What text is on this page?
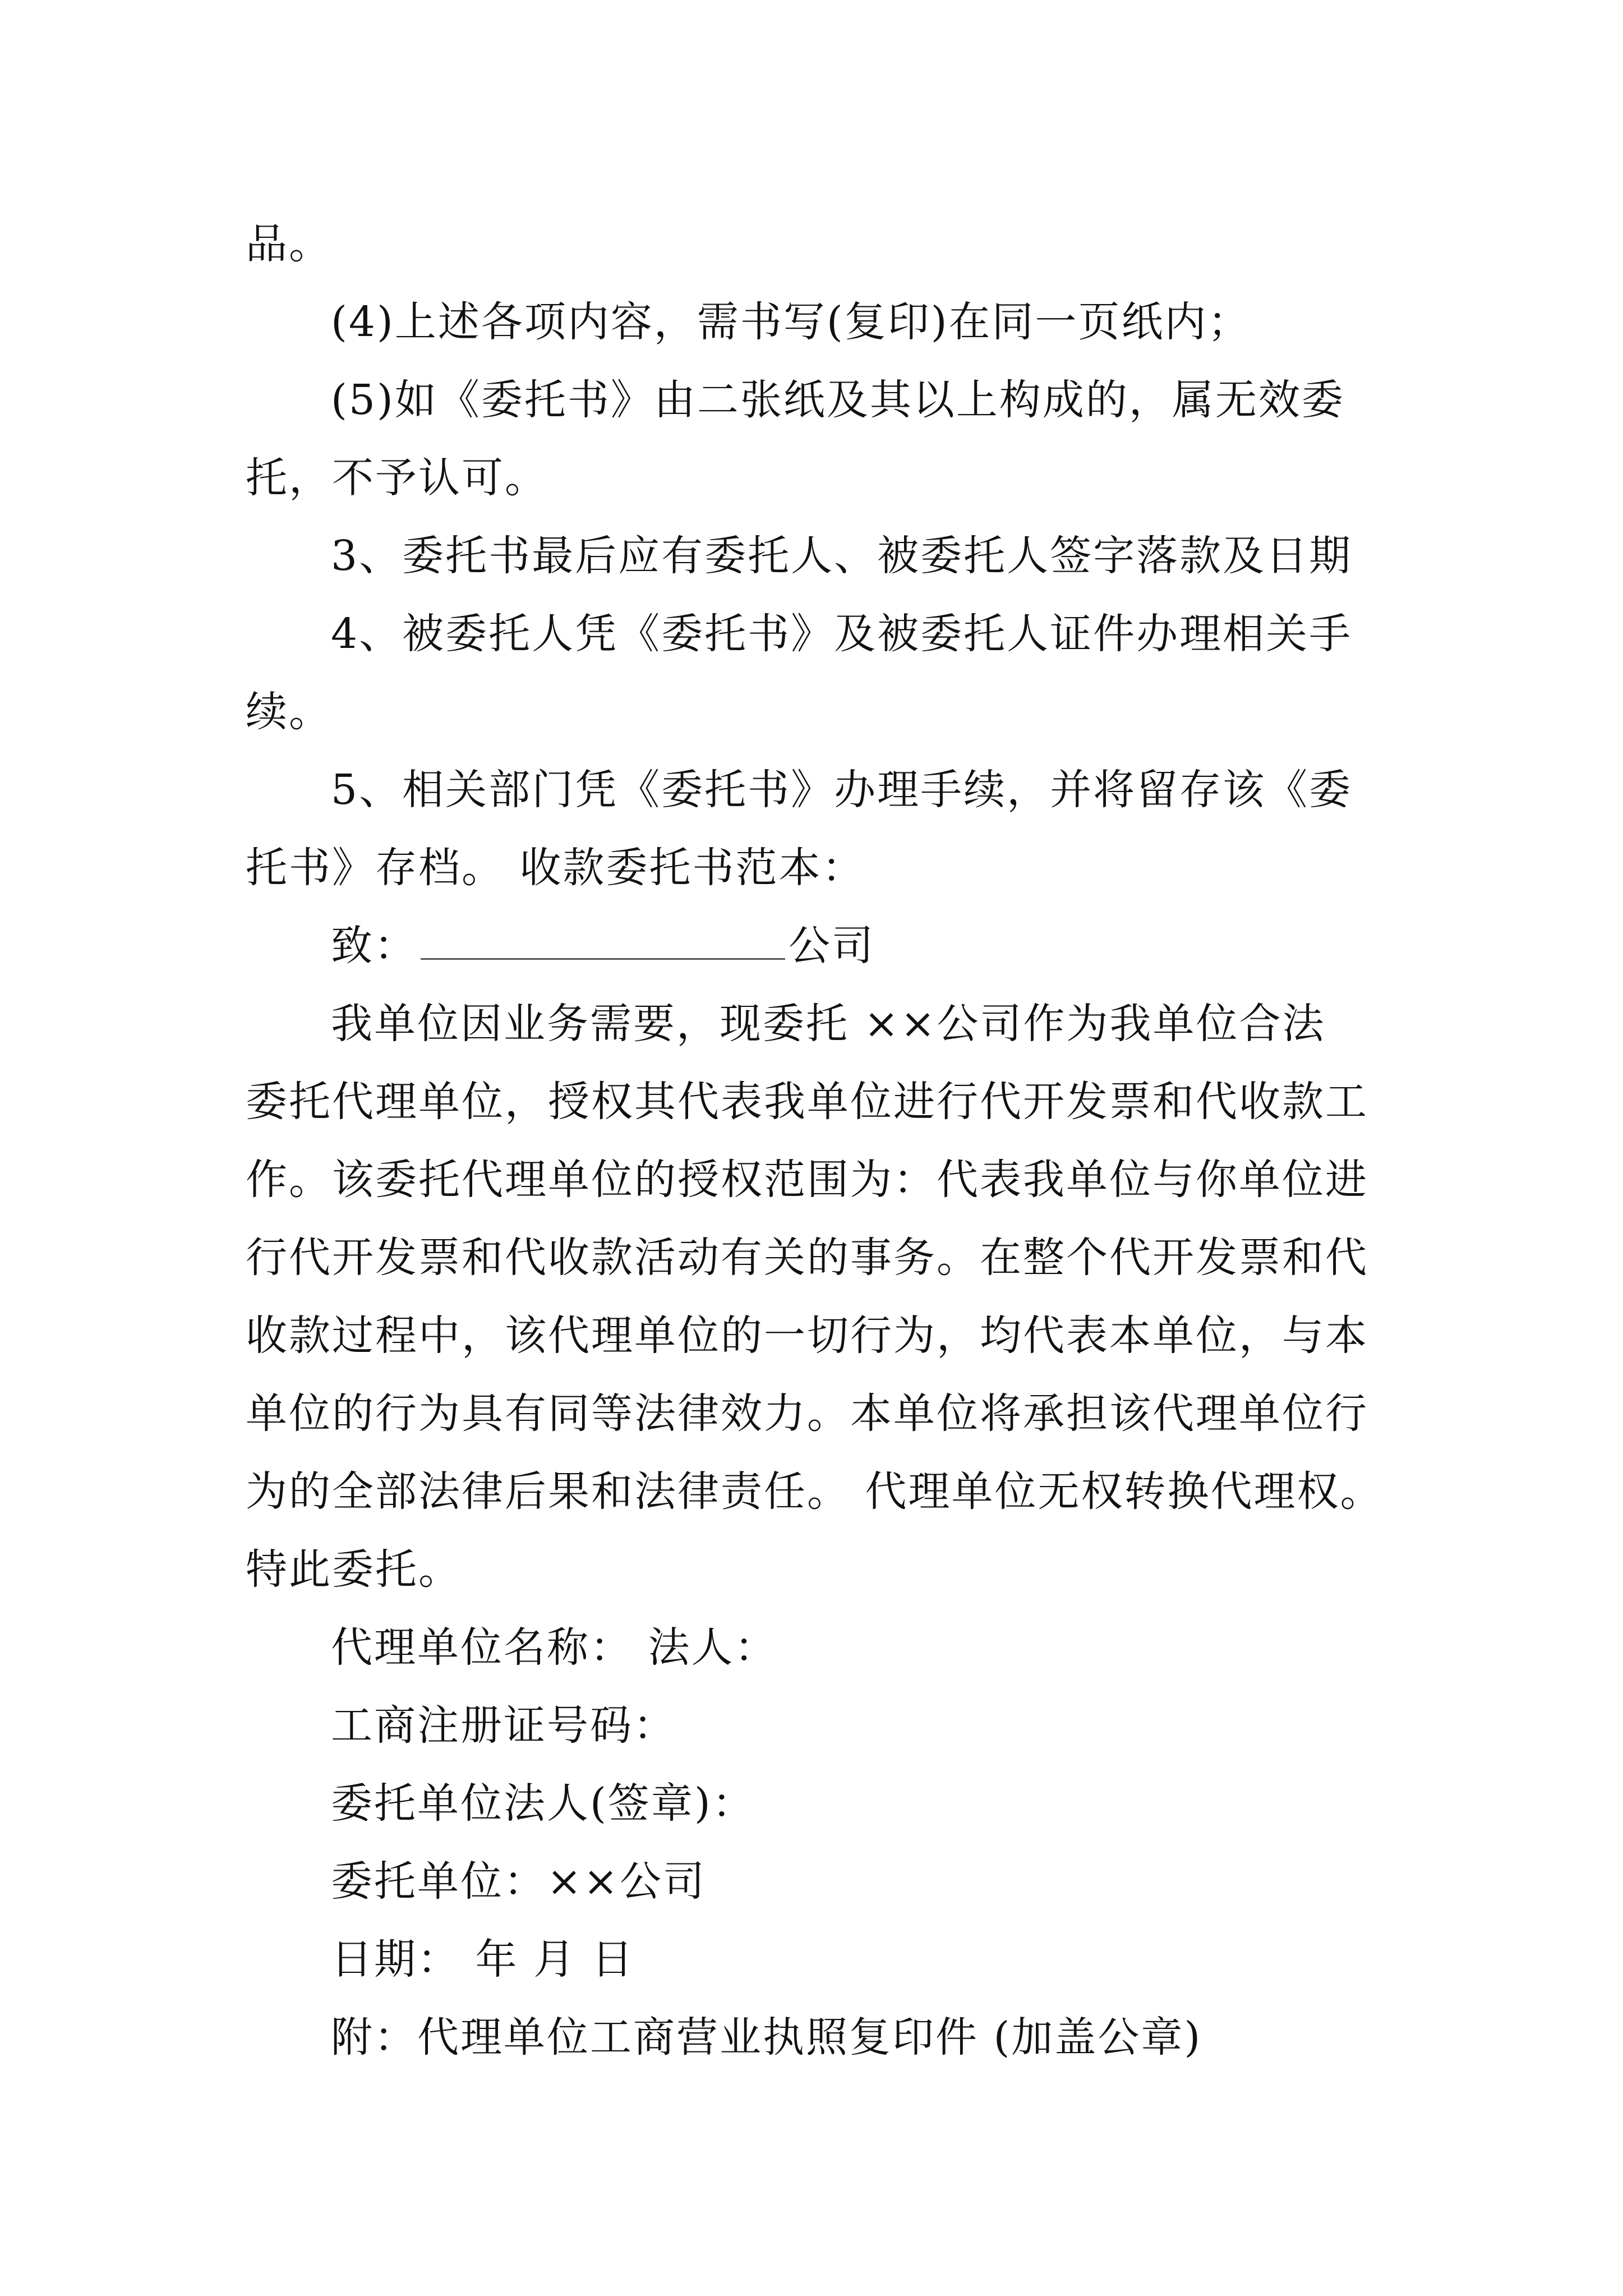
品。
(4)上述各项内容，需书写(复印)在同一页纸内；
(5)如《委托书》由二张纸及其以上构成的，属无效委
托，不予认可。
3、委托书最后应有委托人、被委托人签字落款及日期
4、被委托人凭《委托书》及被委托人证件办理相关手
续。
5、相关部门凭《委托书》办理手续，并将留存该《委
托书》存档。 收款委托书范本：
致：	公司
我单位因业务需要，现委托 ××公司作为我单位合法
委托代理单位，授权其代表我单位进行代开发票和代收款工
作。该委托代理单位的授权范围为：代表我单位与你单位进
行代开发票和代收款活动有关的事务。在整个代开发票和代
收款过程中，该代理单位的一切行为，均代表本单位，与本
单位的行为具有同等法律效力。本单位将承担该代理单位行
为的全部法律后果和法律责任。 代理单位无权转换代理权。
特此委托。
代理单位名称： 法人：
工商注册证号码：
委托单位法人(签章)：
委托单位：××公司
日期： 年 月 日
附：代理单位工商营业执照复印件 (加盖公章)
